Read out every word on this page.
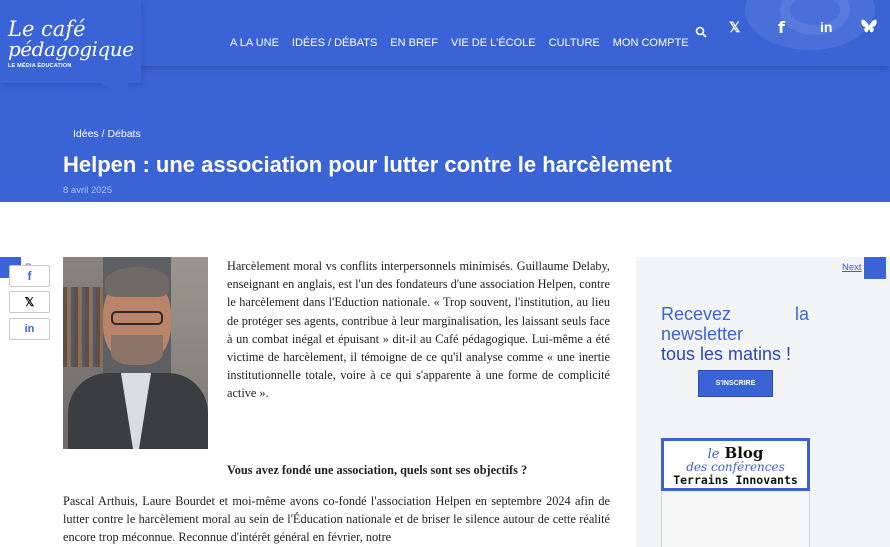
Idées / Débats
Helpen : une association pour lutter contre le harcèlement
8 avril 2025
Le café
pédagogique
LE MÉDIA ÉDUCATION
A LA UNE IDÉES / DÉBATS EN BREF VIE DE L'ÉCOLE CULTURE MON COMPTE
𝕏 f	in
f
𝕏
in

Harcèlement moral vs conflits interpersonnels minimisés. Guillaume Delaby, enseignant en anglais, est l'un des fondateurs d'une association Helpen, contre le harcèlement dans l'Eduction nationale. « Trop souvent, l'institution, au lieu de protéger ses agents, contribue à leur marginalisation, les laissant seuls face à un combat inégal et épuisant » dit-il au Café pédagogique. Lui-même a été victime de harcèlement, il témoigne de ce qu'il analyse comme « une inertie institutionnelle totale, voire à ce qui s'apparente à une forme de complicité active ».

Vous avez fondé une association, quels sont ses objectifs ?

Pascal Arthuis, Laure Bourdet et moi-même avons co-fondé l'association Helpen en septembre 2024 afin de lutter contre le harcèlement moral au sein de l'Éducation nationale et de briser le silence autour de cette réalité encore trop méconnue. Reconnue d'intérêt général en février, notre

Next
Recevez	la
newsletter
tous les matins !
S'INSCRIRE
le Blog
des conférences
Terrains Innovants
